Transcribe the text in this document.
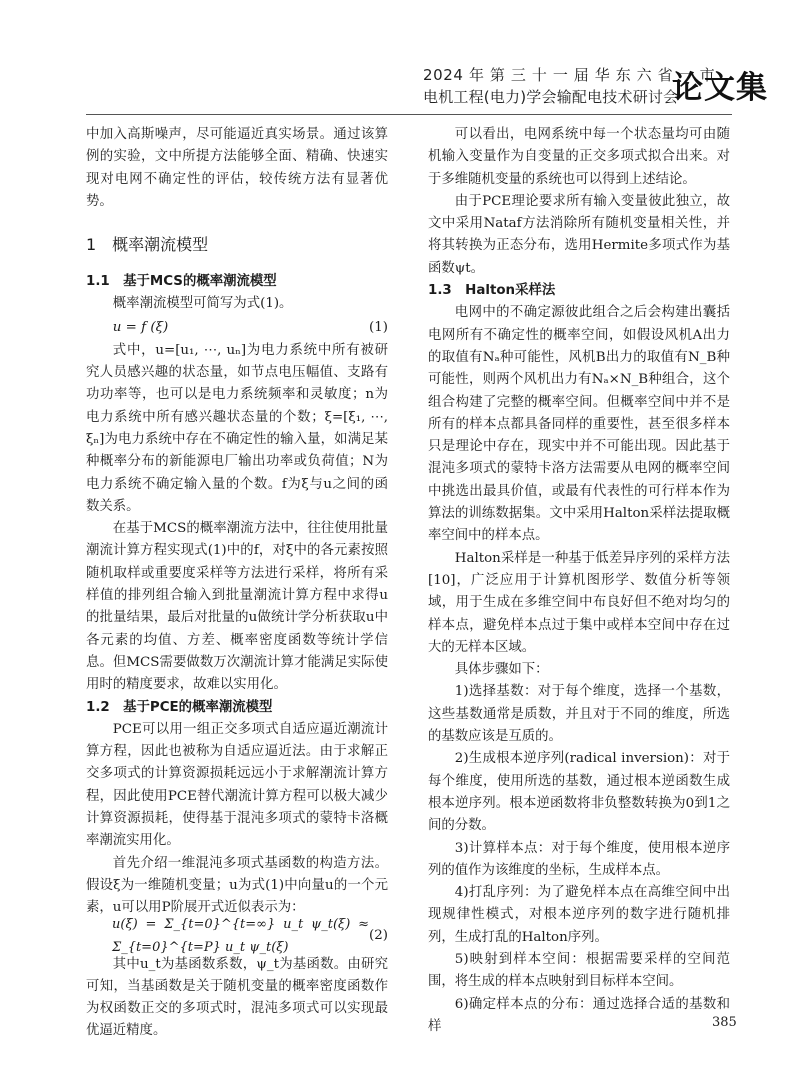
2024 年 第 三 十 一 届 华 东 六 省 一 市
电机工程(电力)学会输配电技术研讨会
论文集

中加入高斯噪声，尽可能逼近真实场景。通过该算例的实验，文中所提方法能够全面、精确、快速实现对电网不确定性的评估，较传统方法有显著优势。

1　概率潮流模型
1.1　基于MCS的概率潮流模型

概率潮流模型可简写为式(1)。

u = f (ξ)	(1)

式中，u=[u₁, ⋯, uₙ]为电力系统中所有被研究人员感兴趣的状态量，如节点电压幅值、支路有功功率等，也可以是电力系统频率和灵敏度；n为电力系统中所有感兴趣状态量的个数；ξ=[ξ₁, ⋯, ξₙ]为电力系统中存在不确定性的输入量，如满足某种概率分布的新能源电厂输出功率或负荷值；N为电力系统不确定输入量的个数。f为ξ与u之间的函数关系。

在基于MCS的概率潮流方法中，往往使用批量潮流计算方程实现式(1)中的f，对ξ中的各元素按照随机取样或重要度采样等方法进行采样，将所有采样值的排列组合输入到批量潮流计算方程中求得u的批量结果，最后对批量的u做统计学分析获取u中各元素的均值、方差、概率密度函数等统计学信息。但MCS需要做数万次潮流计算才能满足实际使用时的精度要求，故难以实用化。

1.2　基于PCE的概率潮流模型

PCE可以用一组正交多项式自适应逼近潮流计算方程，因此也被称为自适应逼近法。由于求解正交多项式的计算资源损耗远远小于求解潮流计算方程，因此使用PCE替代潮流计算方程可以极大减少计算资源损耗，使得基于混沌多项式的蒙特卡洛概率潮流实用化。

首先介绍一维混沌多项式基函数的构造方法。假设ξ为一维随机变量；u为式(1)中向量u的一个元素，u可以用P阶展开式近似表示为：

u(ξ) = Σ_{t=0}^{t=∞} u_t ψ_t(ξ) ≈ Σ_{t=0}^{t=P} u_t ψ_t(ξ)
(2)

其中u_t为基函数系数，ψ_t为基函数。由研究可知，当基函数是关于随机变量的概率密度函数作为权函数正交的多项式时，混沌多项式可以实现最优逼近精度。

可以看出，电网系统中每一个状态量均可由随机输入变量作为自变量的正交多项式拟合出来。对于多维随机变量的系统也可以得到上述结论。

由于PCE理论要求所有输入变量彼此独立，故文中采用Nataf方法消除所有随机变量相关性，并将其转换为正态分布，选用Hermite多项式作为基函数ψt。

1.3　Halton采样法

电网中的不确定源彼此组合之后会构建出囊括电网所有不确定性的概率空间，如假设风机A出力的取值有Nₐ种可能性，风机B出力的取值有N_B种可能性，则两个风机出力有Nₐ×N_B种组合，这个组合构建了完整的概率空间。但概率空间中并不是所有的样本点都具备同样的重要性，甚至很多样本只是理论中存在，现实中并不可能出现。因此基于混沌多项式的蒙特卡洛方法需要从电网的概率空间中挑选出最具价值，或最有代表性的可行样本作为算法的训练数据集。文中采用Halton采样法提取概率空间中的样本点。

Halton采样是一种基于低差异序列的采样方法[10]，广泛应用于计算机图形学、数值分析等领域，用于生成在多维空间中布良好但不绝对均匀的样本点，避免样本点过于集中或样本空间中存在过大的无样本区域。

具体步骤如下：

1)选择基数：对于每个维度，选择一个基数，这些基数通常是质数，并且对于不同的维度，所选的基数应该是互质的。

2)生成根本逆序列(radical inversion)：对于每个维度，使用所选的基数，通过根本逆函数生成根本逆序列。根本逆函数将非负整数转换为0到1之间的分数。

3)计算样本点：对于每个维度，使用根本逆序列的值作为该维度的坐标，生成样本点。

4)打乱序列：为了避免样本点在高维空间中出现规律性模式，对根本逆序列的数字进行随机排列，生成打乱的Halton序列。

5)映射到样本空间：根据需要采样的空间范围，将生成的样本点映射到目标样本空间。

6)确定样本点的分布：通过选择合适的基数和样	385
